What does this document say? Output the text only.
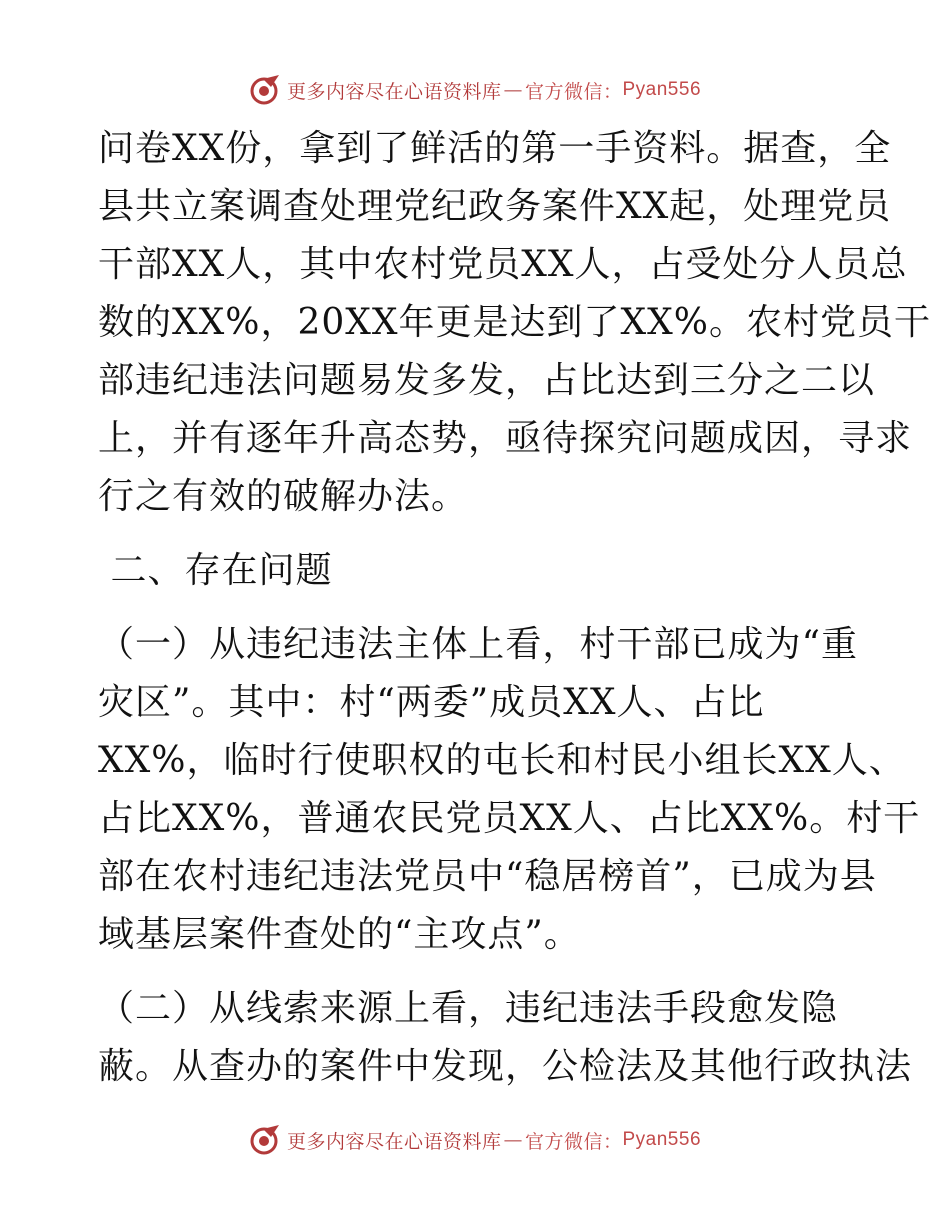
更多内容尽在心语资料库 — 官方微信： Pyan556
问卷XX份，拿到了鲜活的第一手资料。据查，全
县共立案调查处理党纪政务案件XX起，处理党员
干部XX人，其中农村党员XX人，占受处分人员总
数的XX%，20XX年更是达到了XX%。农村党员干
部违纪违法问题易发多发，占比达到三分之二以
上，并有逐年升高态势，亟待探究问题成因，寻求
行之有效的破解办法。
二、存在问题
（一）从违纪违法主体上看，村干部已成为“重
灾区”。其中：村“两委”成员XX人、占比
XX%，临时行使职权的屯长和村民小组长XX人、
占比XX%，普通农民党员XX人、占比XX%。村干
部在农村违纪违法党员中“稳居榜首”，已成为县
域基层案件查处的“主攻点”。
（二）从线索来源上看，违纪违法手段愈发隐
蔽。从查办的案件中发现，公检法及其他行政执法
更多内容尽在心语资料库 — 官方微信： Pyan556
